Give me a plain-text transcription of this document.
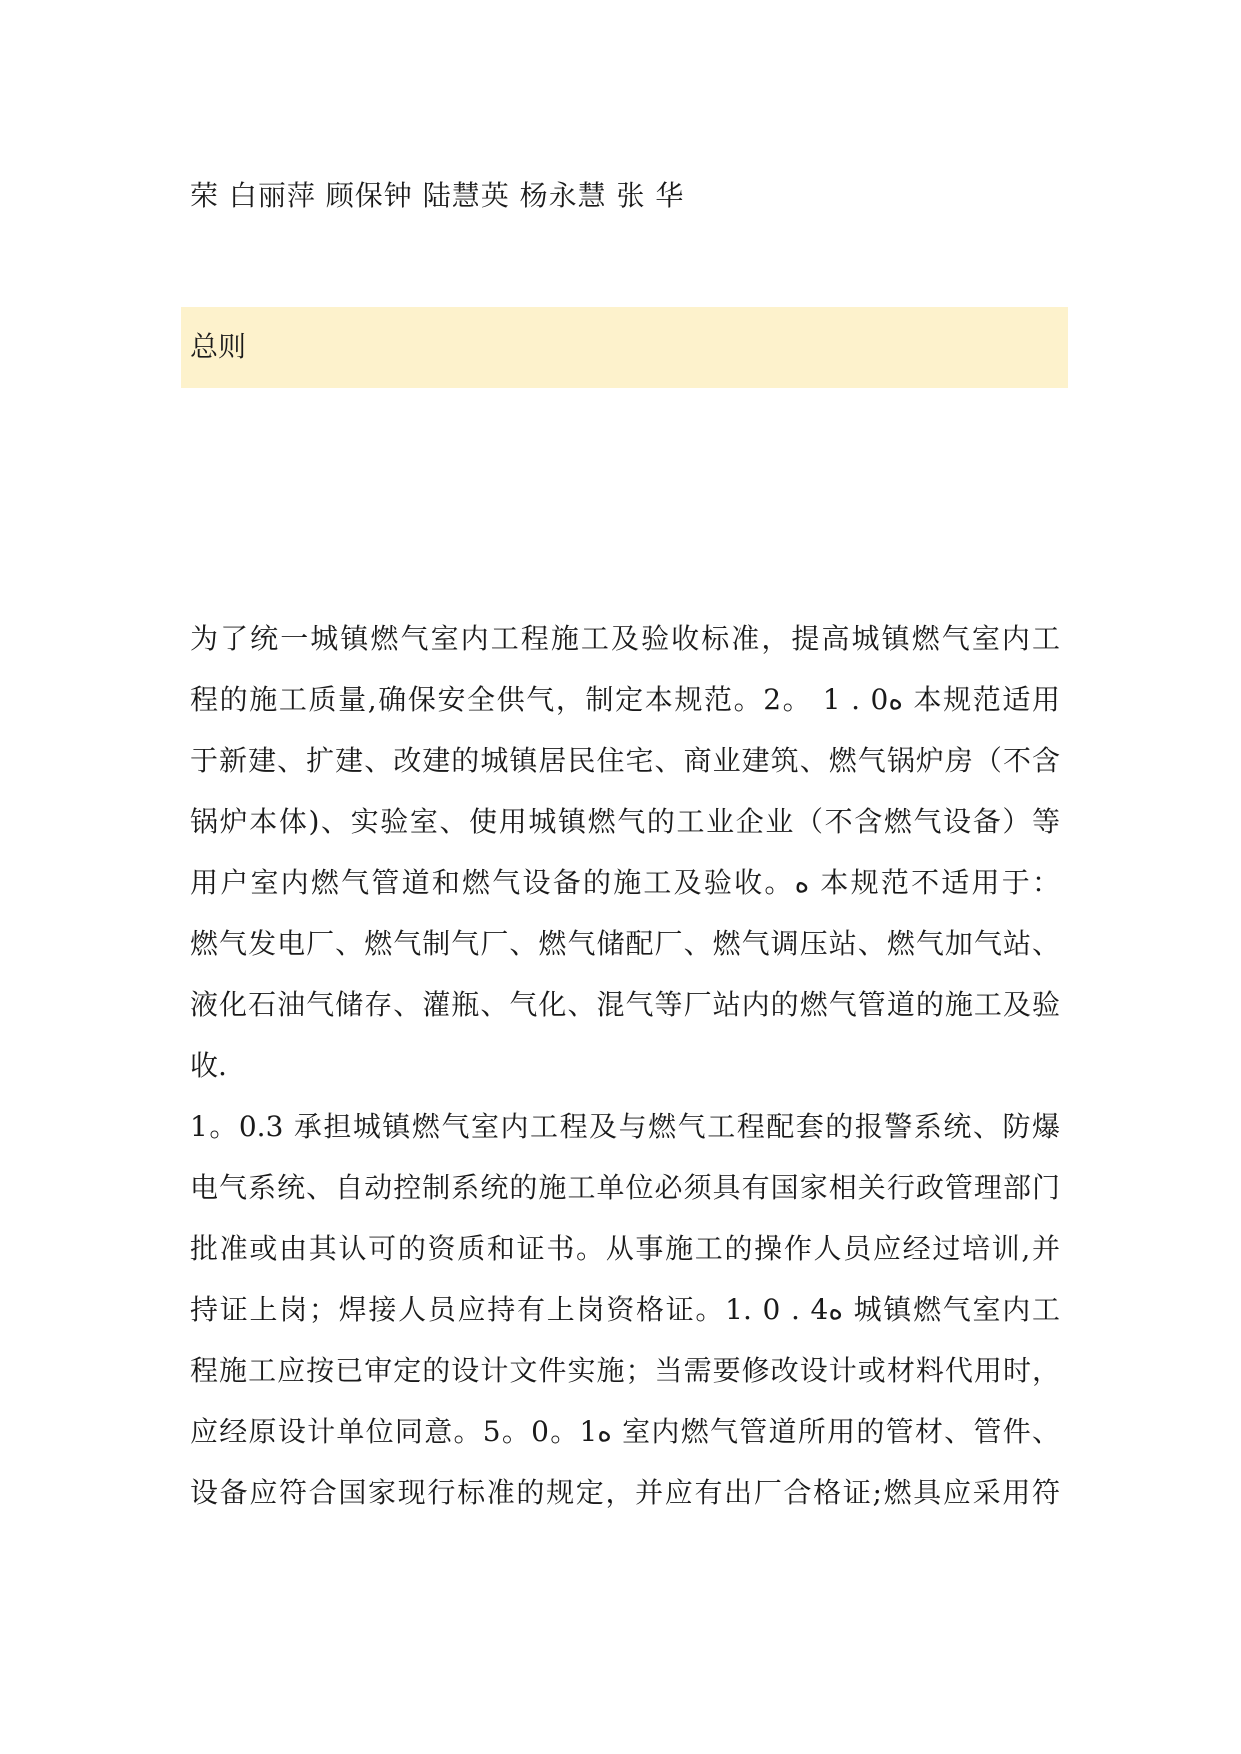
荣 白丽萍 顾保钟 陆慧英 杨永慧 张 华
总则
为了统一城镇燃气室内工程施工及验收标准，提高城镇燃气室内工
程的施工质量,确保安全供气，制定本规范。2。 1 . 0ه 本规范适用
于新建、扩建、改建的城镇居民住宅、商业建筑、燃气锅炉房（不含
锅炉本体)、实验室、使用城镇燃气的工业企业（不含燃气设备）等
用户室内燃气管道和燃气设备的施工及验收。ه 本规范不适用于：
燃气发电厂、燃气制气厂、燃气储配厂、燃气调压站、燃气加气站、
液化石油气储存、灌瓶、气化、混气等厂站内的燃气管道的施工及验
收.
1。0.3 承担城镇燃气室内工程及与燃气工程配套的报警系统、防爆
电气系统、自动控制系统的施工单位必须具有国家相关行政管理部门
批准或由其认可的资质和证书。从事施工的操作人员应经过培训,并
持证上岗；焊接人员应持有上岗资格证。1. 0 . 4ه 城镇燃气室内工
程施工应按已审定的设计文件实施；当需要修改设计或材料代用时，
应经原设计单位同意。5。0。1ه 室内燃气管道所用的管材、管件、
设备应符合国家现行标准的规定，并应有出厂合格证;燃具应采用符
